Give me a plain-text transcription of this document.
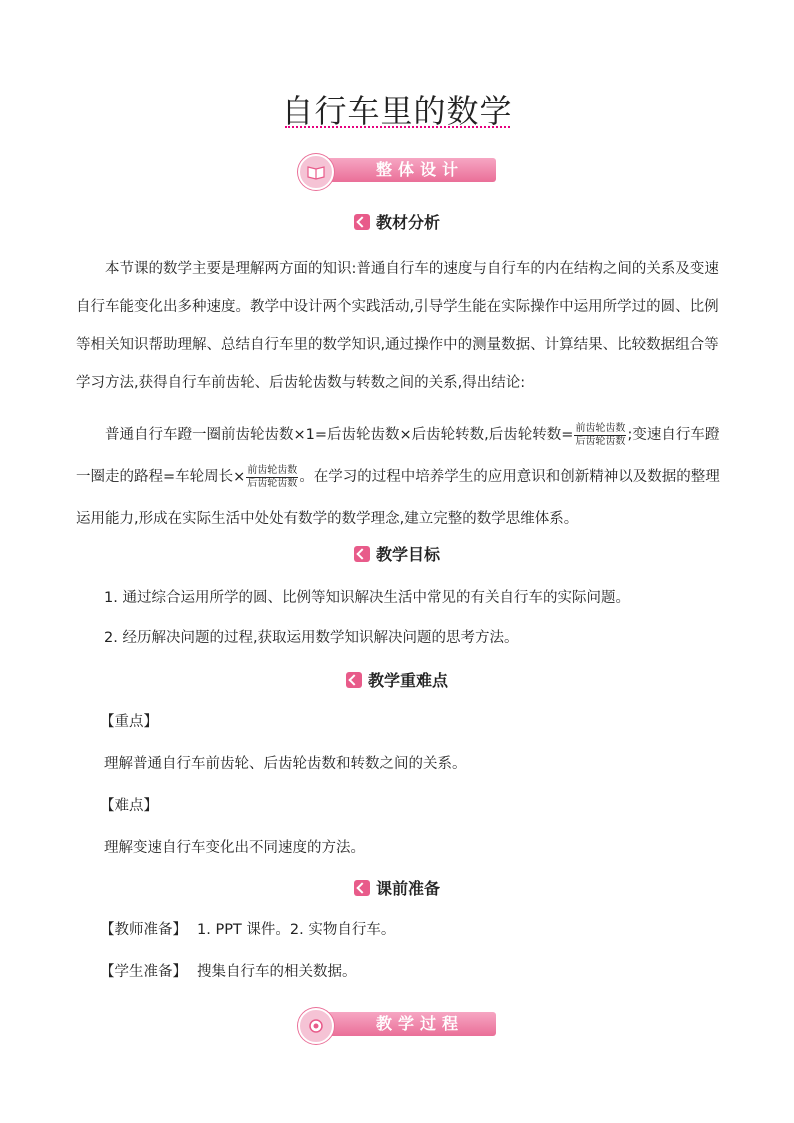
自行车里的数学
整体设计
教材分析
本节课的数学主要是理解两方面的知识:普通自行车的速度与自行车的内在结构之间的关系及变速自行车能变化出多种速度。教学中设计两个实践活动,引导学生能在实际操作中运用所学过的圆、比例等相关知识帮助理解、总结自行车里的数学知识,通过操作中的测量数据、计算结果、比较数据组合等学习方法,获得自行车前齿轮、后齿轮齿数与转数之间的关系,得出结论:
普通自行车蹬一圈前齿轮齿数×1=后齿轮齿数×后齿轮转数,后齿轮转数= $\frac{\text{前齿轮齿数}}{\text{后齿轮齿数}}$ ;变速自行车蹬一圈走的路程=车轮周长× $\frac{\text{前齿轮齿数}}{\text{后齿轮齿数}}$ 。在学习的过程中培养学生的应用意识和创新精神以及数据的整理运用能力,形成在实际生活中处处有数学的数学理念,建立完整的数学思维体系。
教学目标
1. 通过综合运用所学的圆、比例等知识解决生活中常见的有关自行车的实际问题。
2. 经历解决问题的过程,获取运用数学知识解决问题的思考方法。
教学重难点
【重点】
理解普通自行车前齿轮、后齿轮齿数和转数之间的关系。
【难点】
理解变速自行车变化出不同速度的方法。
课前准备
【教师准备】 1. PPT 课件。2. 实物自行车。
【学生准备】 搜集自行车的相关数据。
教学过程
